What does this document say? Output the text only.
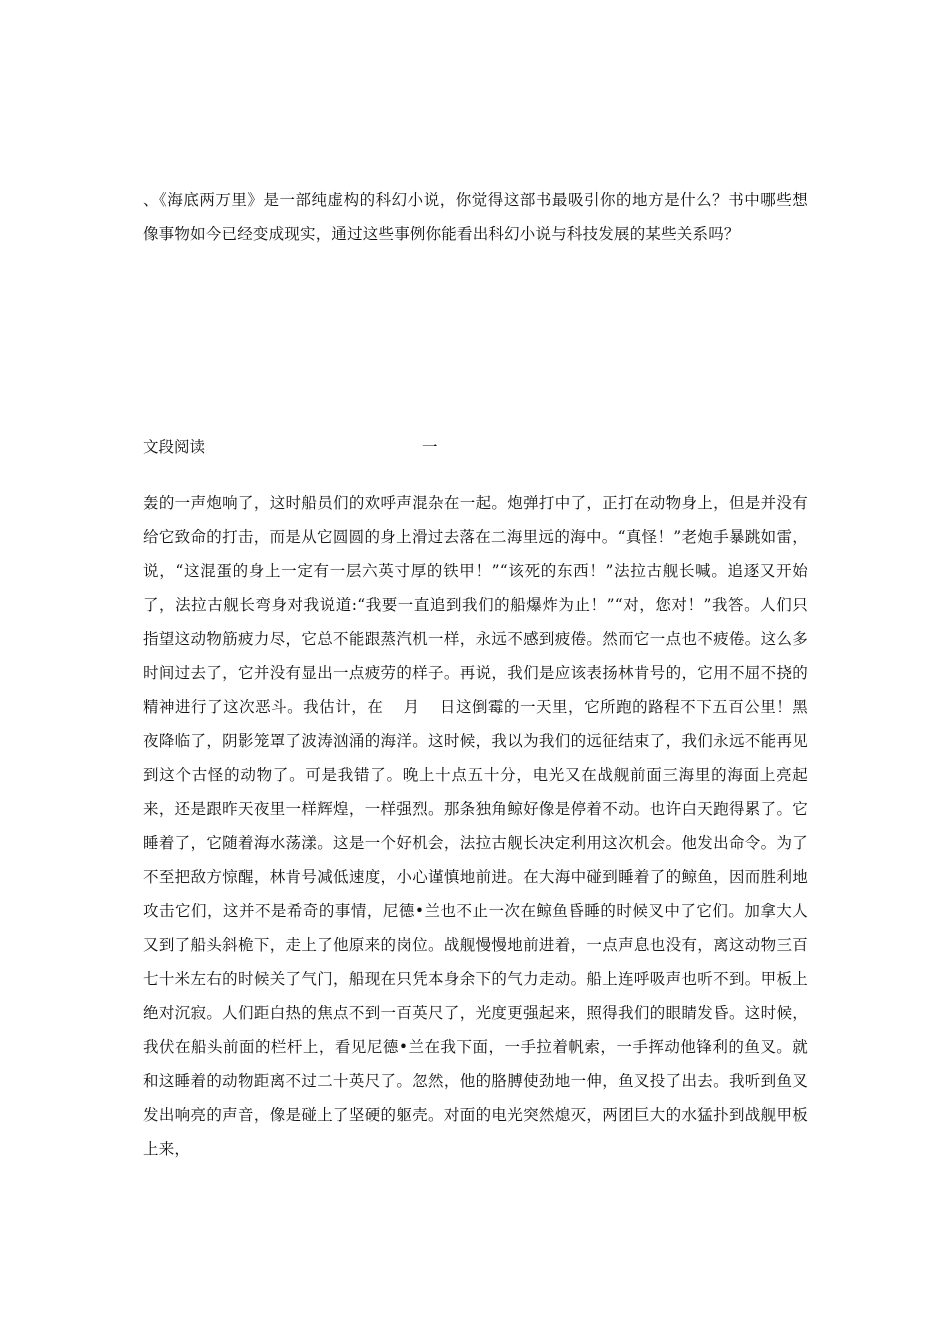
、《海底两万里》是一部纯虚构的科幻小说，你觉得这部书最吸引你的地方是什么？书中哪些想像事物如今已经变成现实，通过这些事例你能看出科幻小说与科技发展的某些关系吗？

文段阅读	一

轰的一声炮响了，这时船员们的欢呼声混杂在一起。炮弹打中了，正打在动物身上，但是并没有给它致命的打击，而是从它圆圆的身上滑过去落在二海里远的海中。“真怪！”老炮手暴跳如雷，说，“这混蛋的身上一定有一层六英寸厚的铁甲！”“该死的东西！”法拉古舰长喊。追逐又开始了，法拉古舰长弯身对我说道:“我要一直追到我们的船爆炸为止！”“对，您对！”我答。人们只指望这动物筋疲力尽，它总不能跟蒸汽机一样，永远不感到疲倦。然而它一点也不疲倦。这么多时间过去了，它并没有显出一点疲劳的样子。再说，我们是应该表扬林肯号的，它用不屈不挠的精神进行了这次恶斗。我估计，在 月 日这倒霉的一天里，它所跑的路程不下五百公里！黑夜降临了，阴影笼罩了波涛汹涌的海洋。这时候，我以为我们的远征结束了，我们永远不能再见到这个古怪的动物了。可是我错了。晚上十点五十分，电光又在战舰前面三海里的海面上亮起来，还是跟昨天夜里一样辉煌，一样强烈。那条独角鲸好像是停着不动。也许白天跑得累了。它睡着了，它随着海水荡漾。这是一个好机会，法拉古舰长决定利用这次机会。他发出命令。为了不至把敌方惊醒，林肯号减低速度，小心谨慎地前进。在大海中碰到睡着了的鲸鱼，因而胜利地攻击它们，这并不是希奇的事情，尼德•兰也不止一次在鲸鱼昏睡的时候叉中了它们。加拿大人又到了船头斜桅下，走上了他原来的岗位。战舰慢慢地前进着，一点声息也没有，离这动物三百七十米左右的时候关了气门，船现在只凭本身余下的气力走动。船上连呼吸声也听不到。甲板上绝对沉寂。人们距白热的焦点不到一百英尺了，光度更强起来，照得我们的眼睛发昏。这时候，我伏在船头前面的栏杆上，看见尼德•兰在我下面，一手拉着帆索，一手挥动他锋利的鱼叉。就和这睡着的动物距离不过二十英尺了。忽然，他的胳膊使劲地一伸，鱼叉投了出去。我听到鱼叉发出响亮的声音，像是碰上了坚硬的躯壳。对面的电光突然熄灭，两团巨大的水猛扑到战舰甲板上来，
